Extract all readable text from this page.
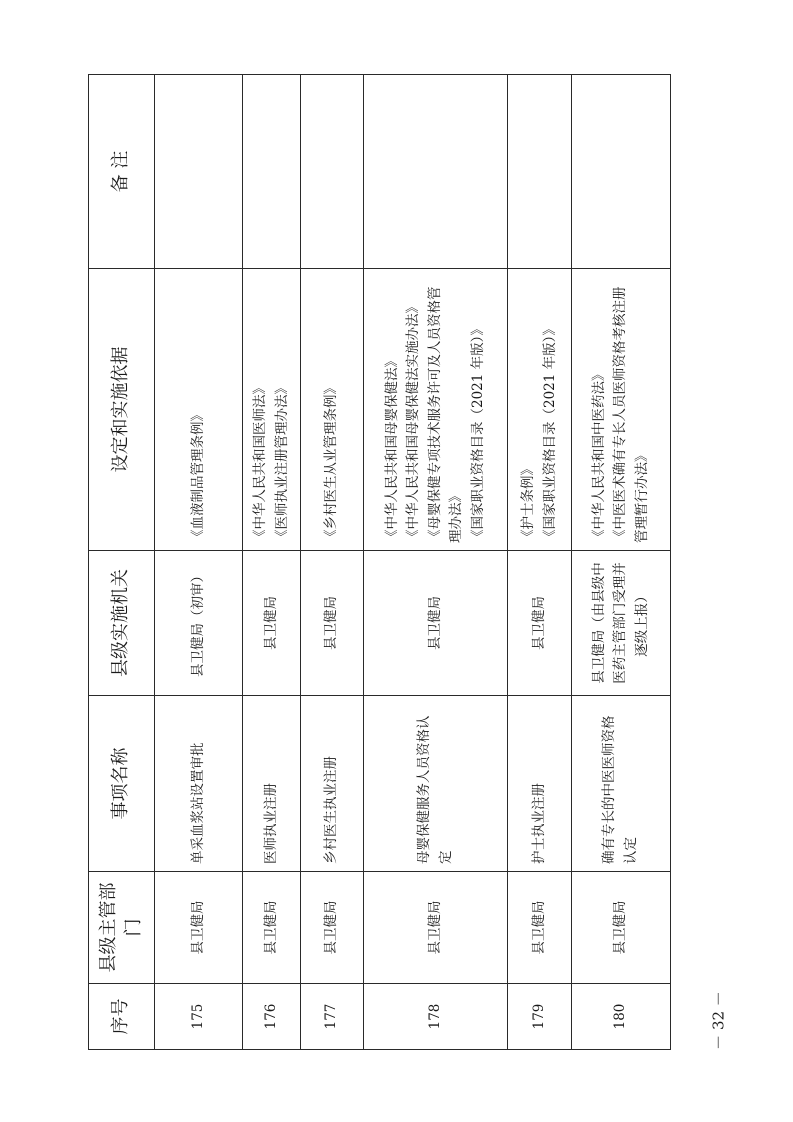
序号	县级主管部门	事项名称	县级实施机关	设定和实施依据	备 注
175	县卫健局	单采血浆站设置审批	县卫健局（初审）	《血液制品管理条例》	

176	县卫健局	医师执业注册	县卫健局	《中华人民共和国医师法》 《医师执业注册管理办法》	

177	县卫健局	乡村医生执业注册	县卫健局	《乡村医生从业管理条例》	

178	县卫健局	母婴保健服务人员资格认定	县卫健局	《中华人民共和国母婴保健法》 《中华人民共和国母婴保健法实施办法》 《母婴保健专项技术服务许可及人员资格管理办法》 《国家职业资格目录（2021 年版）》	

179	县卫健局	护士执业注册	县卫健局	《护士条例》 《国家职业资格目录（2021 年版）》	

180	县卫健局	确有专长的中医医师资格认定	县卫健局（由县级中医药主管部门受理并逐级上报）	《中华人民共和国中医药法》 《中医医术确有专长人员医师资格考核注册管理暂行办法》	

－ 32 －
